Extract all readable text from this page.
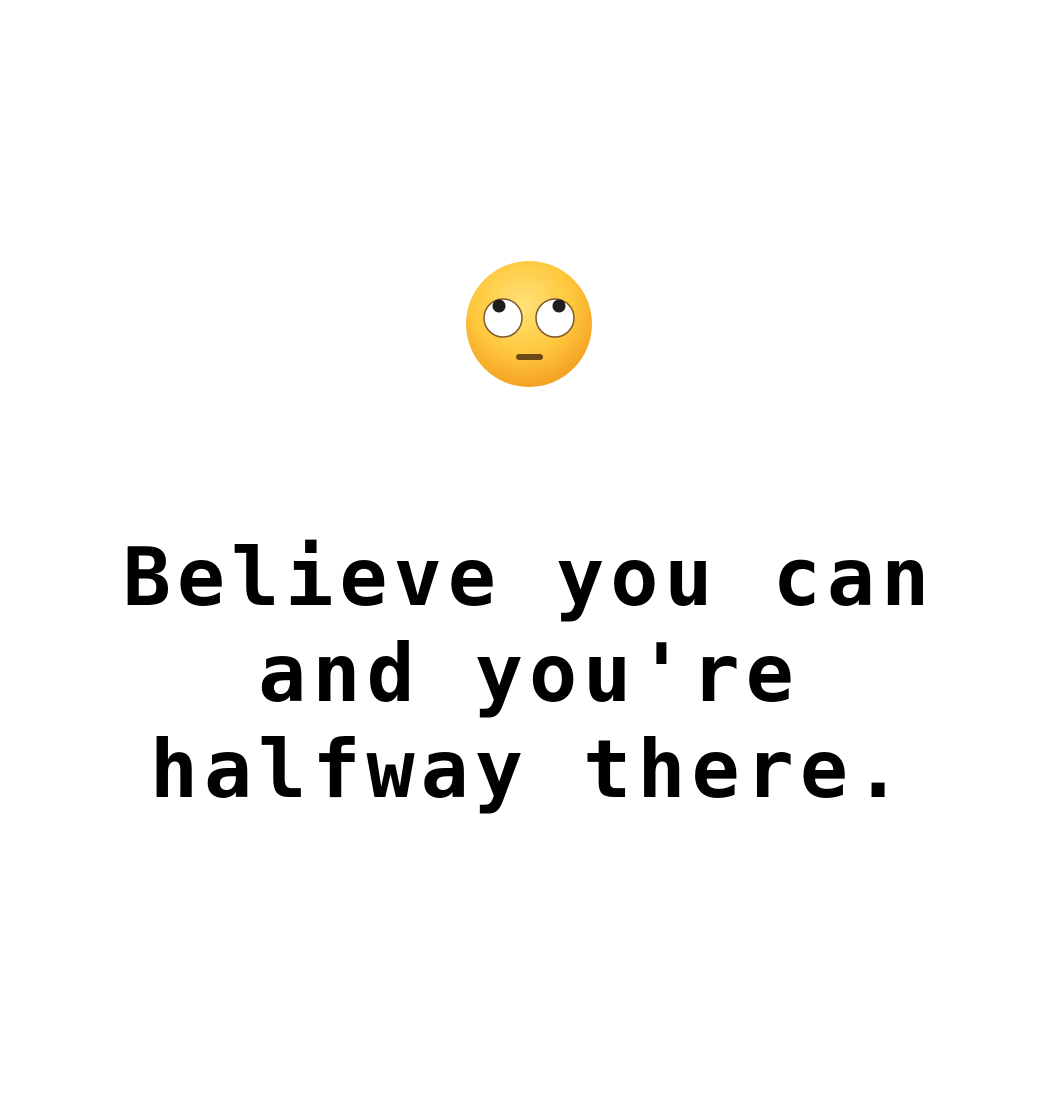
Believe you can
and you're
halfway there.
